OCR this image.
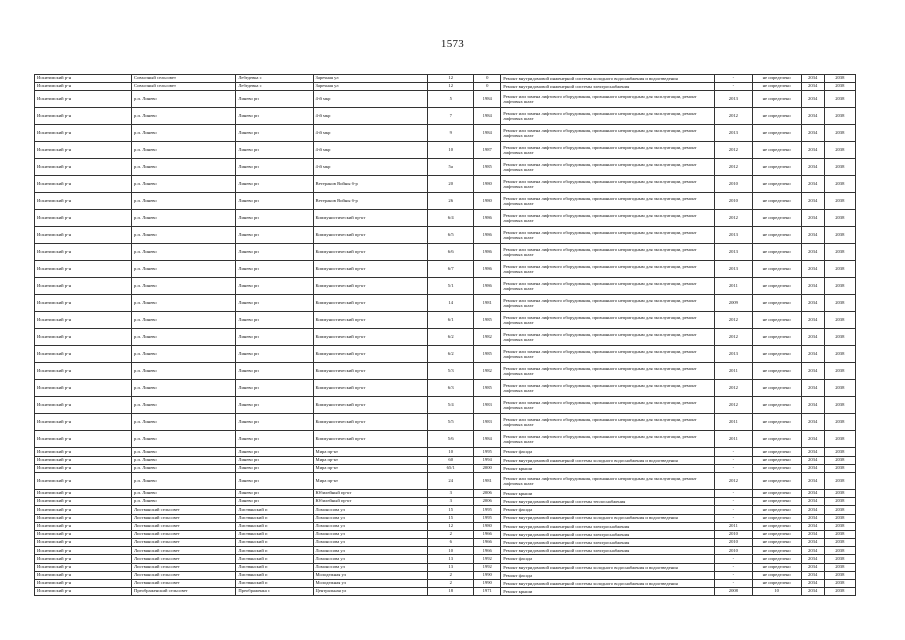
1573
Искитимский р-н	Совхозный сельсовет	Лебедевка с	Заречная ул	12	0	Ремонт внутридомовой инженерной системы холодного водоснабжения и водоотведения	-	не определено	2034	2038
Искитимский р-н	Совхозный сельсовет	Лебедевка с	Заречная ул	12	0	Ремонт внутридомовой инженерной системы электроснабжения	-	не определено	2034	2038
Искитимский р-н	р.п. Линево	Линево рп	4-й мкр	5	1984	Ремонт или замена лифтового оборудования, признанного непригодным для эксплуатации, ремонт лифтовых шахт	2013	не определено	2034	2038
Искитимский р-н	р.п. Линево	Линево рп	4-й мкр	7	1984	Ремонт или замена лифтового оборудования, признанного непригодным для эксплуатации, ремонт лифтовых шахт	2012	не определено	2034	2038
Искитимский р-н	р.п. Линево	Линево рп	4-й мкр	9	1984	Ремонт или замена лифтового оборудования, признанного непригодным для эксплуатации, ремонт лифтовых шахт	2013	не определено	2034	2038
Искитимский р-н	р.п. Линево	Линево рп	4-й мкр	10	1987	Ремонт или замена лифтового оборудования, признанного непригодным для эксплуатации, ремонт лифтовых шахт	2012	не определено	2034	2038
Искитимский р-н	р.п. Линево	Линево рп	4-й мкр	5а	1985	Ремонт или замена лифтового оборудования, признанного непригодным для эксплуатации, ремонт лифтовых шахт	2012	не определено	2034	2038
Искитимский р-н	р.п. Линево	Линево рп	Ветеранов Войны б-р	20	1980	Ремонт или замена лифтового оборудования, признанного непригодным для эксплуатации, ремонт лифтовых шахт	2010	не определено	2034	2038
Искитимский р-н	р.п. Линево	Линево рп	Ветеранов Войны б-р	26	1980	Ремонт или замена лифтового оборудования, признанного непригодным для эксплуатации, ремонт лифтовых шахт	2010	не определено	2034	2038
Искитимский р-н	р.п. Линево	Линево рп	Коммунистический пр-кт	6/4	1986	Ремонт или замена лифтового оборудования, признанного непригодным для эксплуатации, ремонт лифтовых шахт	2012	не определено	2034	2038
Искитимский р-н	р.п. Линево	Линево рп	Коммунистический пр-кт	6/5	1986	Ремонт или замена лифтового оборудования, признанного непригодным для эксплуатации, ремонт лифтовых шахт	2013	не определено	2034	2038
Искитимский р-н	р.п. Линево	Линево рп	Коммунистический пр-кт	6/6	1986	Ремонт или замена лифтового оборудования, признанного непригодным для эксплуатации, ремонт лифтовых шахт	2013	не определено	2034	2038
Искитимский р-н	р.п. Линево	Линево рп	Коммунистический пр-кт	6/7	1986	Ремонт или замена лифтового оборудования, признанного непригодным для эксплуатации, ремонт лифтовых шахт	2013	не определено	2034	2038
Искитимский р-н	р.п. Линево	Линево рп	Коммунистический пр-кт	5/1	1986	Ремонт или замена лифтового оборудования, признанного непригодным для эксплуатации, ремонт лифтовых шахт	2011	не определено	2034	2038
Искитимский р-н	р.п. Линево	Линево рп	Коммунистический пр-кт	14	1981	Ремонт или замена лифтового оборудования, признанного непригодным для эксплуатации, ремонт лифтовых шахт	2009	не определено	2034	2038
Искитимский р-н	р.п. Линево	Линево рп	Коммунистический пр-кт	6/1	1985	Ремонт или замена лифтового оборудования, признанного непригодным для эксплуатации, ремонт лифтовых шахт	2012	не определено	2034	2038
Искитимский р-н	р.п. Линево	Линево рп	Коммунистический пр-кт	6/2	1982	Ремонт или замена лифтового оборудования, признанного непригодным для эксплуатации, ремонт лифтовых шахт	2012	не определено	2034	2038
Искитимский р-н	р.п. Линево	Линево рп	Коммунистический пр-кт	6/2	1985	Ремонт или замена лифтового оборудования, признанного непригодным для эксплуатации, ремонт лифтовых шахт	2013	не определено	2034	2038
Искитимский р-н	р.п. Линево	Линево рп	Коммунистический пр-кт	5/3	1982	Ремонт или замена лифтового оборудования, признанного непригодным для эксплуатации, ремонт лифтовых шахт	2011	не определено	2034	2038
Искитимский р-н	р.п. Линево	Линево рп	Коммунистический пр-кт	6/3	1985	Ремонт или замена лифтового оборудования, признанного непригодным для эксплуатации, ремонт лифтовых шахт	2012	не определено	2034	2038
Искитимский р-н	р.п. Линево	Линево рп	Коммунистический пр-кт	5/4	1983	Ремонт или замена лифтового оборудования, признанного непригодным для эксплуатации, ремонт лифтовых шахт	2012	не определено	2034	2038
Искитимский р-н	р.п. Линево	Линево рп	Коммунистический пр-кт	5/5	1983	Ремонт или замена лифтового оборудования, признанного непригодным для эксплуатации, ремонт лифтовых шахт	2011	не определено	2034	2038
Искитимский р-н	р.п. Линево	Линево рп	Коммунистический пр-кт	5/6	1984	Ремонт или замена лифтового оборудования, признанного непригодным для эксплуатации, ремонт лифтовых шахт	2011	не определено	2034	2038
Искитимский р-н	р.п. Линево	Линево рп	Мира пр-кт	10	1995	Ремонт фасада	-	не определено	2034	2038
Искитимский р-н	р.п. Линево	Линево рп	Мира пр-кт	60	1994	Ремонт внутридомовой инженерной системы холодного водоснабжения и водоотведения	-	не определено	2034	2038
Искитимский р-н	р.п. Линево	Линево рп	Мира пр-кт	65/1	2000	Ремонт крыши	-	не определено	2034	2038
Искитимский р-н	р.п. Линево	Линево рп	Мира пр-кт	24	1981	Ремонт или замена лифтового оборудования, признанного непригодным для эксплуатации, ремонт лифтовых шахт	2012	не определено	2034	2038
Искитимский р-н	р.п. Линево	Линево рп	Юбилейный пр-кт	3	2006	Ремонт крыши	-	не определено	2034	2038
Искитимский р-н	р.п. Линево	Линево рп	Юбилейный пр-кт	3	2006	Ремонт внутридомовой инженерной системы теплоснабжения	-	не определено	2034	2038
Искитимский р-н	Листвянский сельсовет	Листвянский п	Ломоносова ул	15	1995	Ремонт фасада	-	не определено	2034	2038
Искитимский р-н	Листвянский сельсовет	Листвянский п	Ломоносова ул	15	1995	Ремонт внутридомовой инженерной системы холодного водоснабжения и водоотведения	-	не определено	2034	2038
Искитимский р-н	Листвянский сельсовет	Листвянский п	Ломоносова ул	12	1980	Ремонт внутридомовой инженерной системы электроснабжения	2011	не определено	2034	2038
Искитимский р-н	Листвянский сельсовет	Листвянский п	Ломоносова ул	2	1966	Ремонт внутридомовой инженерной системы электроснабжения	2010	не определено	2034	2038
Искитимский р-н	Листвянский сельсовет	Листвянский п	Ломоносова ул	6	1966	Ремонт внутридомовой инженерной системы электроснабжения	2010	не определено	2034	2038
Искитимский р-н	Листвянский сельсовет	Листвянский п	Ломоносова ул	10	1966	Ремонт внутридомовой инженерной системы электроснабжения	2010	не определено	2034	2038
Искитимский р-н	Листвянский сельсовет	Листвянский п	Ломоносова ул	13	1992	Ремонт фасада	-	не определено	2034	2038
Искитимский р-н	Листвянский сельсовет	Листвянский п	Ломоносова ул	13	1992	Ремонт внутридомовой инженерной системы холодного водоснабжения и водоотведения	-	не определено	2034	2038
Искитимский р-н	Листвянский сельсовет	Листвянский п	Молодежная ул	2	1990	Ремонт фасада	-	не определено	2034	2038
Искитимский р-н	Листвянский сельсовет	Листвянский п	Молодежная ул	2	1990	Ремонт внутридомовой инженерной системы холодного водоснабжения и водоотведения	-	не определено	2034	2038
Искитимский р-н	Преображенский сельсовет	Преображенка с	Центральная ул	18	1971	Ремонт крыши	2008	10	2034	2038
